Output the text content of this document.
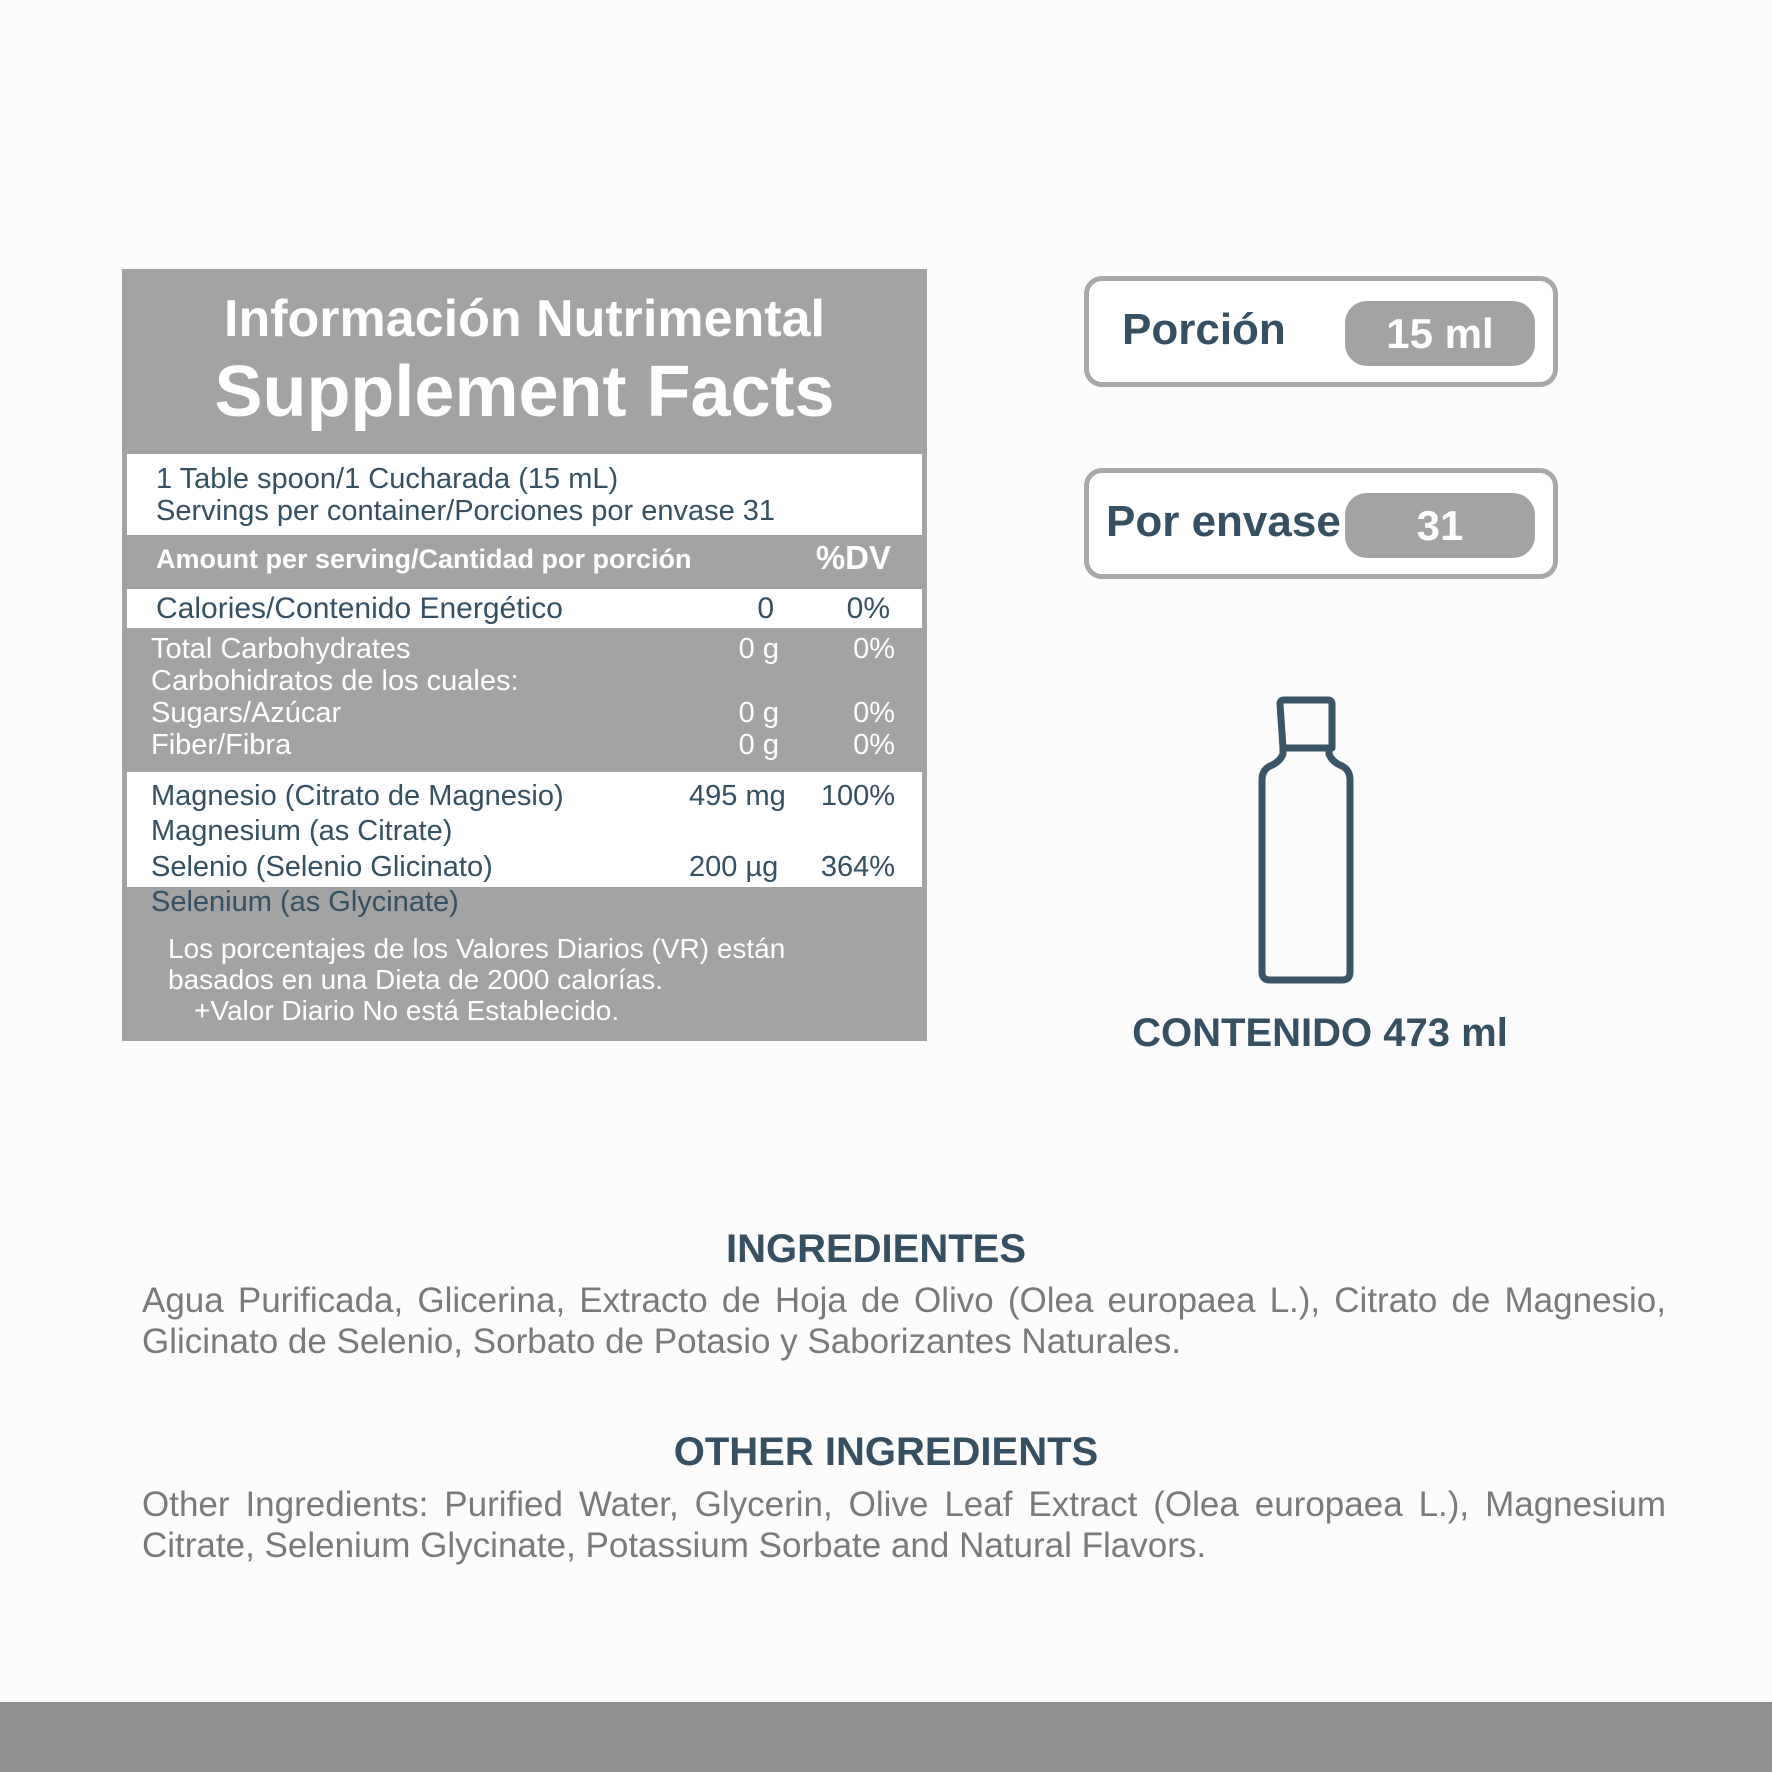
Información Nutrimental
Supplement Facts
1 Table spoon/1 Cucharada (15 mL)
Servings per container/Porciones por envase 31
Amount per serving/Cantidad por porción	%DV
Calories/Contenido Energético	0 0%
Total Carbohydrates	0 g	0%
Carbohidratos de los cuales:
Sugars/Azúcar	0 g	0%
Fiber/Fibra	0 g	0%
Magnesio (Citrato de Magnesio)	495 mg 100%
Magnesium (as Citrate)
Selenio (Selenio Glicinato)	200 µg 364%
Selenium (as Glycinate)
Los porcentajes de los Valores Diarios (VR) están
basados en una Dieta de 2000 calorías.
+Valor Diario No está Establecido.
Porción	15 ml
Por envase	31
CONTENIDO 473 ml
INGREDIENTES
Agua Purificada, Glicerina, Extracto de Hoja de Olivo (Olea europaea L.), Citrato de Magnesio, Glicinato de Selenio, Sorbato de Potasio y Saborizantes Naturales.
OTHER INGREDIENTS
Other Ingredients: Purified Water, Glycerin, Olive Leaf Extract (Olea europaea L.), Magnesium Citrate, Selenium Glycinate, Potassium Sorbate and Natural Flavors.
